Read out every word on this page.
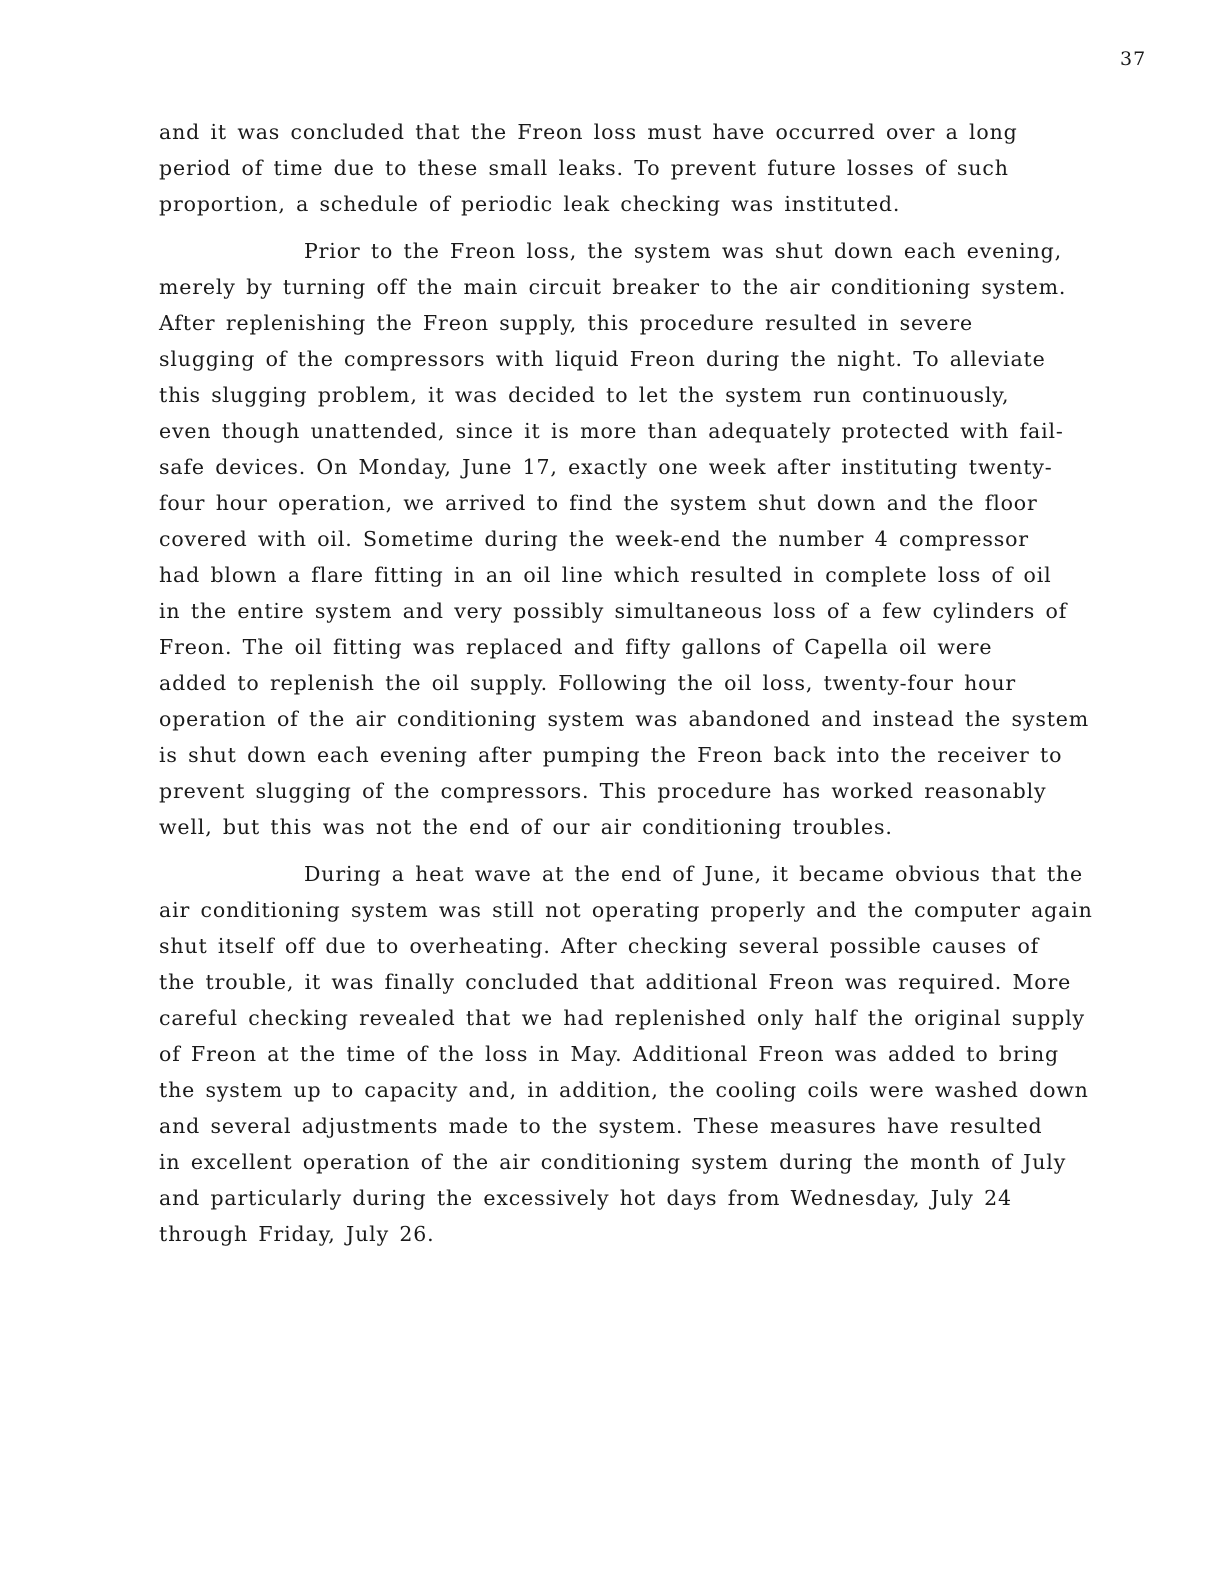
37
and it was concluded that the Freon loss must have occurred over a long
period of time due to these small leaks. To prevent future losses of such
proportion, a schedule of periodic leak checking was instituted.
Prior to the Freon loss, the system was shut down each evening,
merely by turning off the main circuit breaker to the air conditioning system.
After replenishing the Freon supply, this procedure resulted in severe
slugging of the compressors with liquid Freon during the night. To alleviate
this slugging problem, it was decided to let the system run continuously,
even though unattended, since it is more than adequately protected with fail-
safe devices. On Monday, June 17, exactly one week after instituting twenty-
four hour operation, we arrived to find the system shut down and the floor
covered with oil. Sometime during the week-end the number 4 compressor
had blown a flare fitting in an oil line which resulted in complete loss of oil
in the entire system and very possibly simultaneous loss of a few cylinders of
Freon. The oil fitting was replaced and fifty gallons of Capella oil were
added to replenish the oil supply. Following the oil loss, twenty-four hour
operation of the air conditioning system was abandoned and instead the system
is shut down each evening after pumping the Freon back into the receiver to
prevent slugging of the compressors. This procedure has worked reasonably
well, but this was not the end of our air conditioning troubles.
During a heat wave at the end of June, it became obvious that the
air conditioning system was still not operating properly and the computer again
shut itself off due to overheating. After checking several possible causes of
the trouble, it was finally concluded that additional Freon was required. More
careful checking revealed that we had replenished only half the original supply
of Freon at the time of the loss in May. Additional Freon was added to bring
the system up to capacity and, in addition, the cooling coils were washed down
and several adjustments made to the system. These measures have resulted
in excellent operation of the air conditioning system during the month of July
and particularly during the excessively hot days from Wednesday, July 24
through Friday, July 26.
